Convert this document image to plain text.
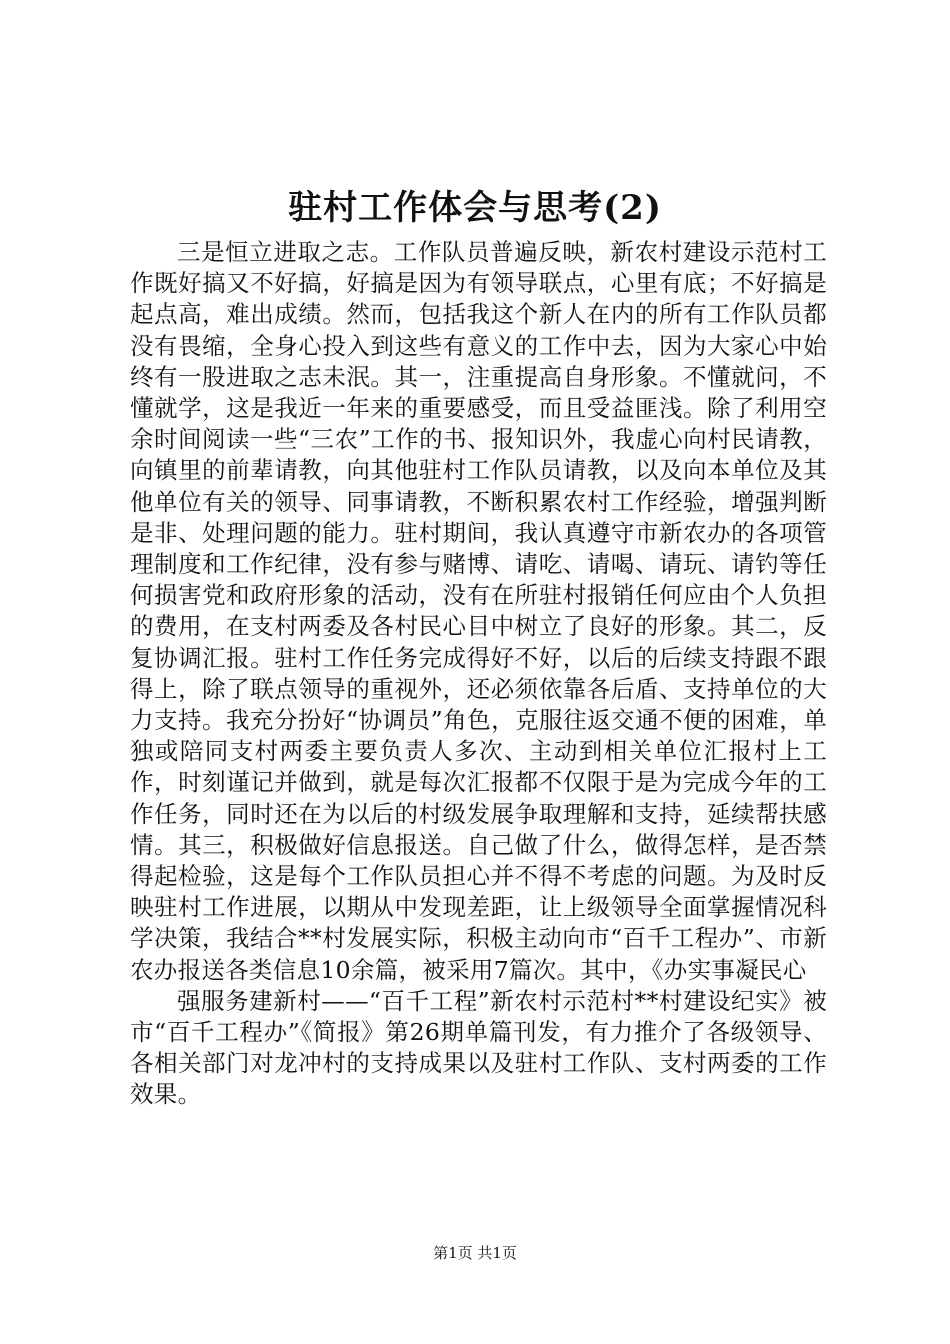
驻村工作体会与思考(2)

三是恒立进取之志。工作队员普遍反映，新农村建设示范村工作既好搞又不好搞，好搞是因为有领导联点，心里有底；不好搞是起点高，难出成绩。然而，包括我这个新人在内的所有工作队员都没有畏缩，全身心投入到这些有意义的工作中去，因为大家心中始终有一股进取之志未泯。其一，注重提高自身形象。不懂就问，不懂就学，这是我近一年来的重要感受，而且受益匪浅。除了利用空余时间阅读一些“三农”工作的书、报知识外，我虚心向村民请教，向镇里的前辈请教，向其他驻村工作队员请教，以及向本单位及其他单位有关的领导、同事请教，不断积累农村工作经验，增强判断是非、处理问题的能力。驻村期间，我认真遵守市新农办的各项管理制度和工作纪律，没有参与赌博、请吃、请喝、请玩、请钓等任何损害党和政府形象的活动，没有在所驻村报销任何应由个人负担的费用，在支村两委及各村民心目中树立了良好的形象。其二，反复协调汇报。驻村工作任务完成得好不好，以后的后续支持跟不跟得上，除了联点领导的重视外，还必须依靠各后盾、支持单位的大力支持。我充分扮好“协调员”角色，克服往返交通不便的困难，单独或陪同支村两委主要负责人多次、主动到相关单位汇报村上工作，时刻谨记并做到，就是每次汇报都不仅限于是为完成今年的工作任务，同时还在为以后的村级发展争取理解和支持，延续帮扶感情。其三，积极做好信息报送。自己做了什么，做得怎样，是否禁得起检验，这是每个工作队员担心并不得不考虑的问题。为及时反映驻村工作进展，以期从中发现差距，让上级领导全面掌握情况科学决策，我结合**村发展实际，积极主动向市“百千工程办”、市新农办报送各类信息10余篇，被采用7篇次。其中，《办实事凝民心

强服务建新村——“百千工程”新农村示范村**村建设纪实》被市“百千工程办”《简报》第26期单篇刊发，有力推介了各级领导、各相关部门对龙冲村的支持成果以及驻村工作队、支村两委的工作效果。

第1页 共1页
